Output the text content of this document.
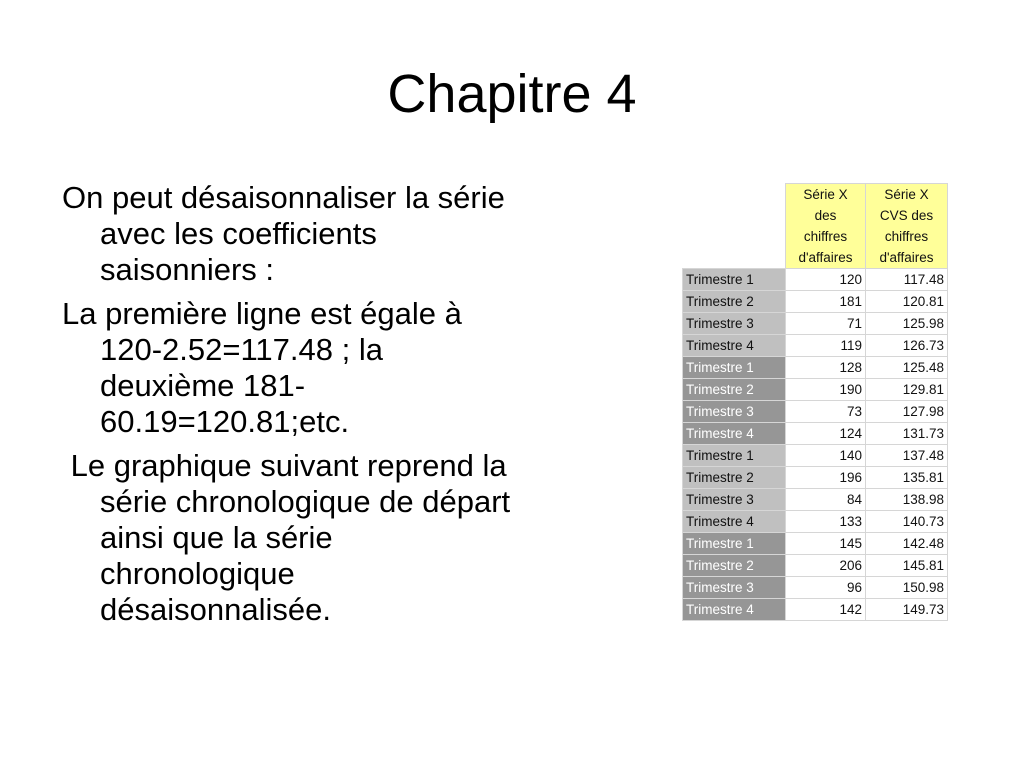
Chapitre 4

On peut désaisonnaliser la série
avec les coefficients
saisonniers :

La première ligne est égale à
120-2.52=117.48 ; la
deuxième 181-
60.19=120.81;etc.

Le graphique suivant reprend la
série chronologique de départ
ainsi que la série
chronologique
désaisonnalisée.

	Série X
des
chiffres
d'affaires	Série X
CVS des
chiffres
d'affaires

Trimestre 1	120	117.48
Trimestre 2	181	120.81
Trimestre 3	71	125.98
Trimestre 4	119	126.73
Trimestre 1	128	125.48
Trimestre 2	190	129.81
Trimestre 3	73	127.98
Trimestre 4	124	131.73
Trimestre 1	140	137.48
Trimestre 2	196	135.81
Trimestre 3	84	138.98
Trimestre 4	133	140.73
Trimestre 1	145	142.48
Trimestre 2	206	145.81
Trimestre 3	96	150.98
Trimestre 4	142	149.73
